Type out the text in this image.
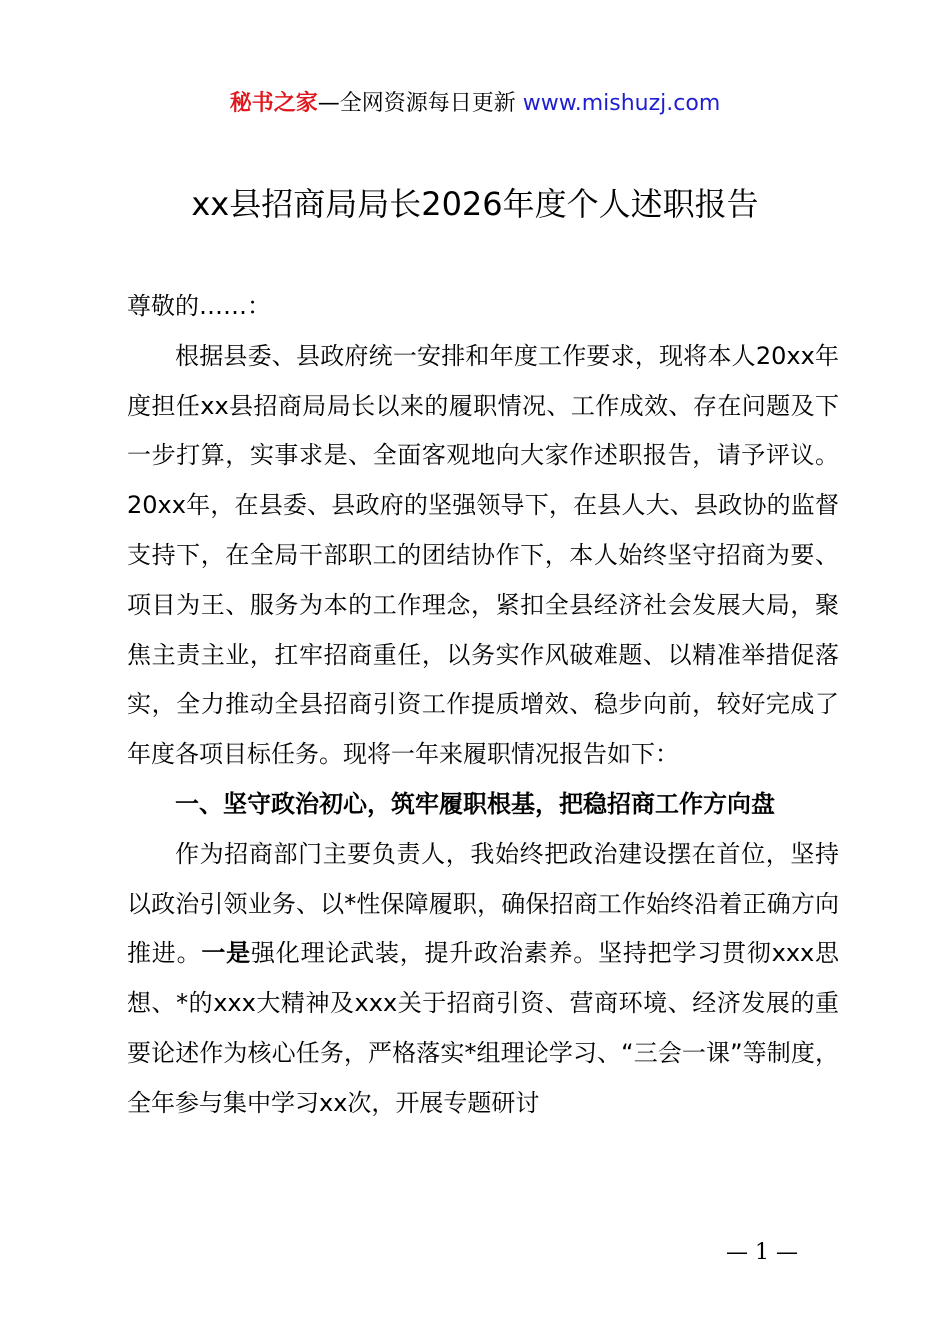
秘书之家—全网资源每日更新 www.mishuzj.com
xx县招商局局长2026年度个人述职报告

尊敬的……：

根据县委、县政府统一安排和年度工作要求，现将本人20xx年度担任xx县招商局局长以来的履职情况、工作成效、存在问题及下一步打算，实事求是、全面客观地向大家作述职报告，请予评议。20xx年，在县委、县政府的坚强领导下，在县人大、县政协的监督支持下，在全局干部职工的团结协作下，本人始终坚守招商为要、项目为王、服务为本的工作理念，紧扣全县经济社会发展大局，聚焦主责主业，扛牢招商重任，以务实作风破难题、以精准举措促落实，全力推动全县招商引资工作提质增效、稳步向前，较好完成了年度各项目标任务。现将一年来履职情况报告如下：

一、坚守政治初心，筑牢履职根基，把稳招商工作方向盘

作为招商部门主要负责人，我始终把政治建设摆在首位，坚持以政治引领业务、以*性保障履职，确保招商工作始终沿着正确方向推进。一是强化理论武装，提升政治素养。坚持把学习贯彻xxx思想、*的xxx大精神及xxx关于招商引资、营商环境、经济发展的重要论述作为核心任务，严格落实*组理论学习、“三会一课”等制度，全年参与集中学习xx次，开展专题研讨

— 1 —
